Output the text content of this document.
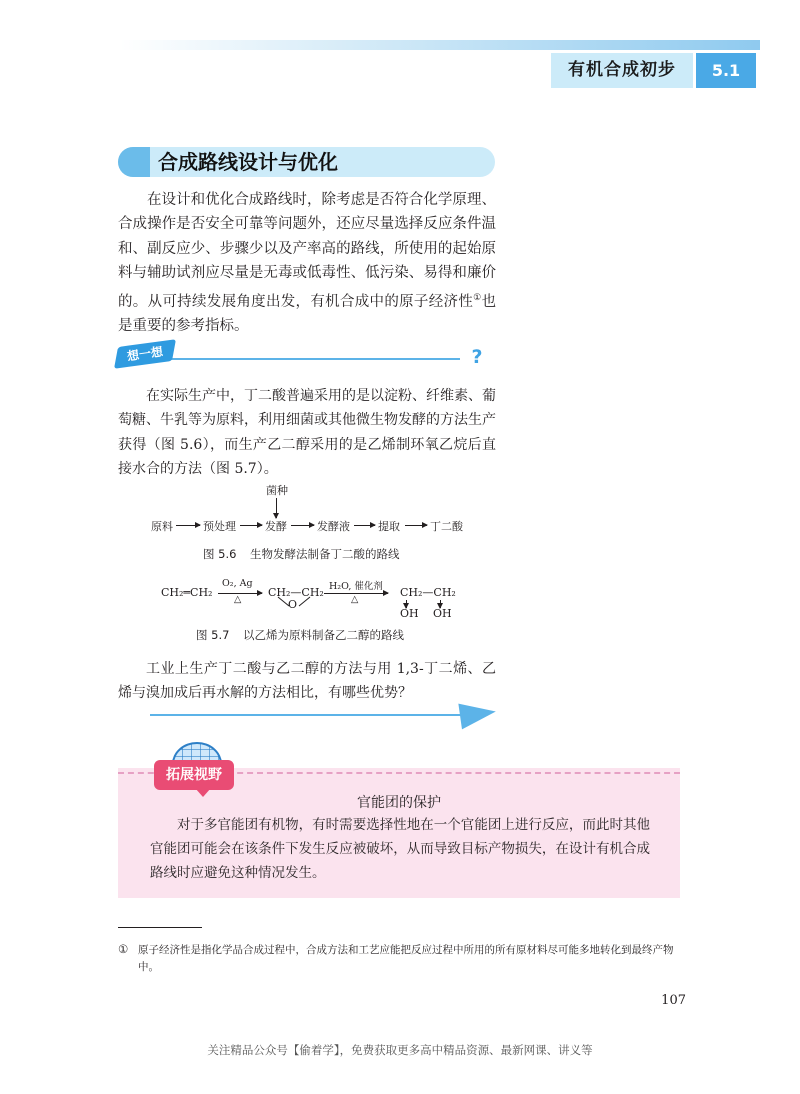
有机合成初步	5.1
合成路线设计与优化
在设计和优化合成路线时，除考虑是否符合化学原理、合成操作是否安全可靠等问题外，还应尽量选择反应条件温和、副反应少、步骤少以及产率高的路线，所使用的起始原料与辅助试剂应尽量是无毒或低毒性、低污染、易得和廉价的。从可持续发展角度出发，有机合成中的原子经济性①也是重要的参考指标。
想一想	?
在实际生产中，丁二酸普遍采用的是以淀粉、纤维素、葡萄糖、牛乳等为原料，利用细菌或其他微生物发酵的方法生产获得（图 5.6），而生产乙二醇采用的是乙烯制环氧乙烷后直接水合的方法（图 5.7）。
菌种
原料	预处理	发酵	发酵液	提取	丁二酸
图 5.6 生物发酵法制备丁二酸的路线
CH₂═CH₂
O₂, Ag
△
CH₂—CH₂
O
H₂O, 催化剂
△
CH₂—CH₂
OH OH
图 5.7 以乙烯为原料制备乙二醇的路线
工业上生产丁二酸与乙二醇的方法与用 1,3-丁二烯、乙烯与溴加成后再水解的方法相比，有哪些优势？
拓展视野
官能团的保护
对于多官能团有机物，有时需要选择性地在一个官能团上进行反应，而此时其他官能团可能会在该条件下发生反应被破坏，从而导致目标产物损失，在设计有机合成路线时应避免这种情况发生。
① 原子经济性是指化学品合成过程中，合成方法和工艺应能把反应过程中所用的所有原材料尽可能多地转化到最终产物中。
107
关注精品公众号【偷着学】，免费获取更多高中精品资源、最新网课、讲义等
